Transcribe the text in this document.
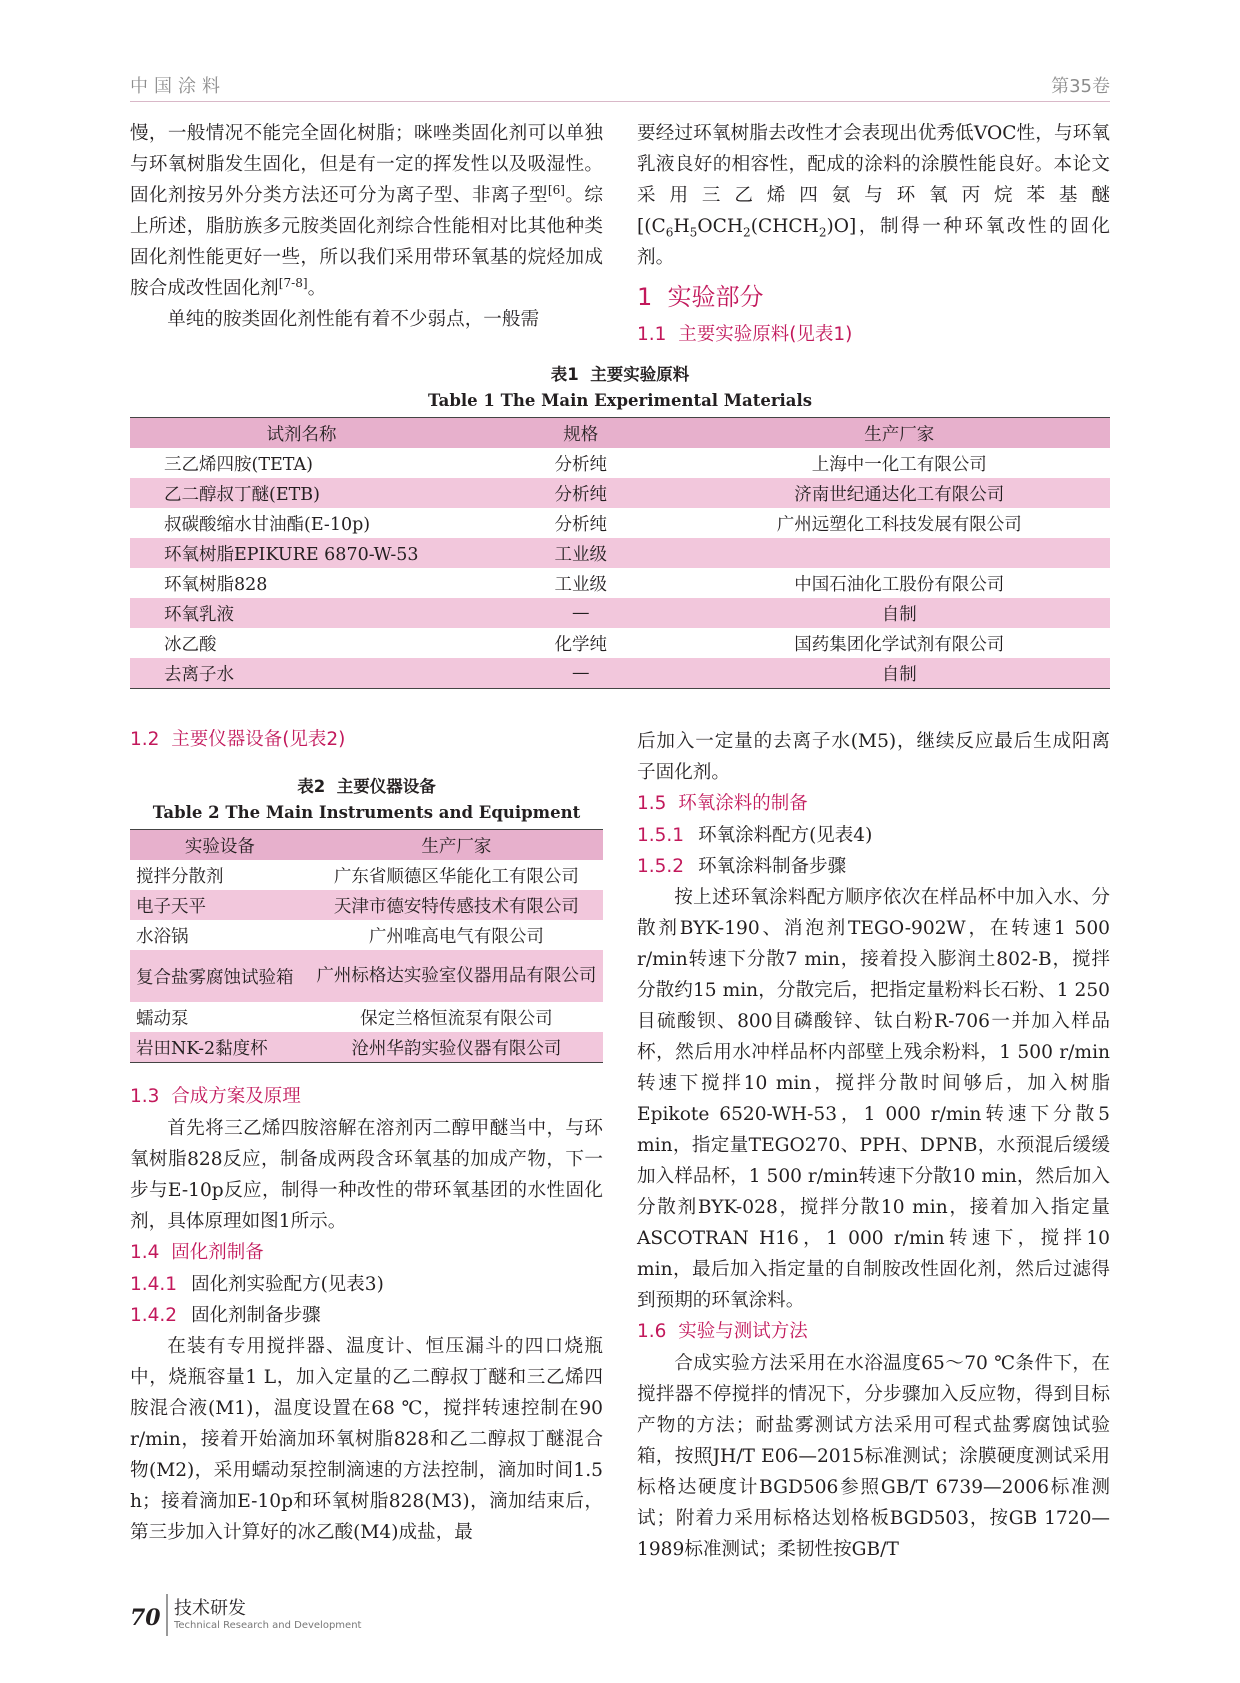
中国涂料	第35卷

慢，一般情况不能完全固化树脂；咪唑类固化剂可以单独与环氧树脂发生固化，但是有一定的挥发性以及吸湿性。固化剂按另外分类方法还可分为离子型、非离子型[6]。综上所述，脂肪族多元胺类固化剂综合性能相对比其他种类固化剂性能更好一些，所以我们采用带环氧基的烷烃加成胺合成改性固化剂[7-8]。

单纯的胺类固化剂性能有着不少弱点，一般需

要经过环氧树脂去改性才会表现出优秀低VOC性，与环氧乳液良好的相容性，配成的涂料的涂膜性能良好。本论文采用三乙烯四氨与环氧丙烷苯基醚[$(C_6H_5OCH_2(CHCH_2)O]$，制得一种环氧改性的固化剂。

1 实验部分
1.1 主要实验原料(见表1)
表1 主要实验原料
Table 1 The Main Experimental Materials
试剂名称	规格	生产厂家
三乙烯四胺(TETA)	分析纯	上海中一化工有限公司
乙二醇叔丁醚(ETB)	分析纯	济南世纪通达化工有限公司
叔碳酸缩水甘油酯(E-10p)	分析纯	广州远塑化工科技发展有限公司
环氧树脂EPIKURE 6870-W-53	工业级	
环氧树脂828	工业级	中国石油化工股份有限公司
环氧乳液	—	自制
冰乙酸	化学纯	国药集团化学试剂有限公司
去离子水	—	自制
1.2 主要仪器设备(见表2)
表2 主要仪器设备
Table 2 The Main Instruments and Equipment
实验设备	生产厂家
搅拌分散剂	广东省顺德区华能化工有限公司
电子天平	天津市德安特传感技术有限公司
水浴锅	广州唯高电气有限公司
复合盐雾腐蚀试验箱	广州标格达实验室仪器用品有限公司
蠕动泵	保定兰格恒流泵有限公司
岩田NK-2黏度杯	沧州华韵实验仪器有限公司
1.3 合成方案及原理

首先将三乙烯四胺溶解在溶剂丙二醇甲醚当中，与环氧树脂828反应，制备成两段含环氧基的加成产物，下一步与E-10p反应，制得一种改性的带环氧基团的水性固化剂，具体原理如图1所示。

1.4 固化剂制备
1.4.1 固化剂实验配方(见表3)
1.4.2 固化剂制备步骤

在装有专用搅拌器、温度计、恒压漏斗的四口烧瓶中，烧瓶容量1 L，加入定量的乙二醇叔丁醚和三乙烯四胺混合液(M1)，温度设置在68 ℃，搅拌转速控制在90 r/min，接着开始滴加环氧树脂828和乙二醇叔丁醚混合物(M2)，采用蠕动泵控制滴速的方法控制，滴加时间1.5 h；接着滴加E-10p和环氧树脂828(M3)，滴加结束后，第三步加入计算好的冰乙酸(M4)成盐，最

后加入一定量的去离子水(M5)，继续反应最后生成阳离子固化剂。

1.5 环氧涂料的制备
1.5.1 环氧涂料配方(见表4)
1.5.2 环氧涂料制备步骤

按上述环氧涂料配方顺序依次在样品杯中加入水、分散剂BYK-190、消泡剂TEGO-902W，在转速1 500 r/min转速下分散7 min，接着投入膨润土802-B，搅拌分散约15 min，分散完后，把指定量粉料长石粉、1 250目硫酸钡、800目磷酸锌、钛白粉R-706一并加入样品杯，然后用水冲样品杯内部壁上残余粉料，1 500 r/min转速下搅拌10 min，搅拌分散时间够后，加入树脂Epikote 6520-WH-53，1 000 r/min转速下分散5 min，指定量TEGO270、PPH、DPNB，水预混后缓缓加入样品杯，1 500 r/min转速下分散10 min，然后加入分散剂BYK-028，搅拌分散10 min，接着加入指定量ASCOTRAN H16，1 000 r/min转速下，搅拌10 min，最后加入指定量的自制胺改性固化剂，然后过滤得到预期的环氧涂料。

1.6 实验与测试方法

合成实验方法采用在水浴温度65～70 ℃条件下，在搅拌器不停搅拌的情况下，分步骤加入反应物，得到目标产物的方法；耐盐雾测试方法采用可程式盐雾腐蚀试验箱，按照JH/T E06—2015标准测试；涂膜硬度测试采用标格达硬度计BGD506参照GB/T 6739—2006标准测试；附着力采用标格达划格板BGD503，按GB 1720—1989标准测试；柔韧性按GB/T

70 技术研发
Technical Research and Development
